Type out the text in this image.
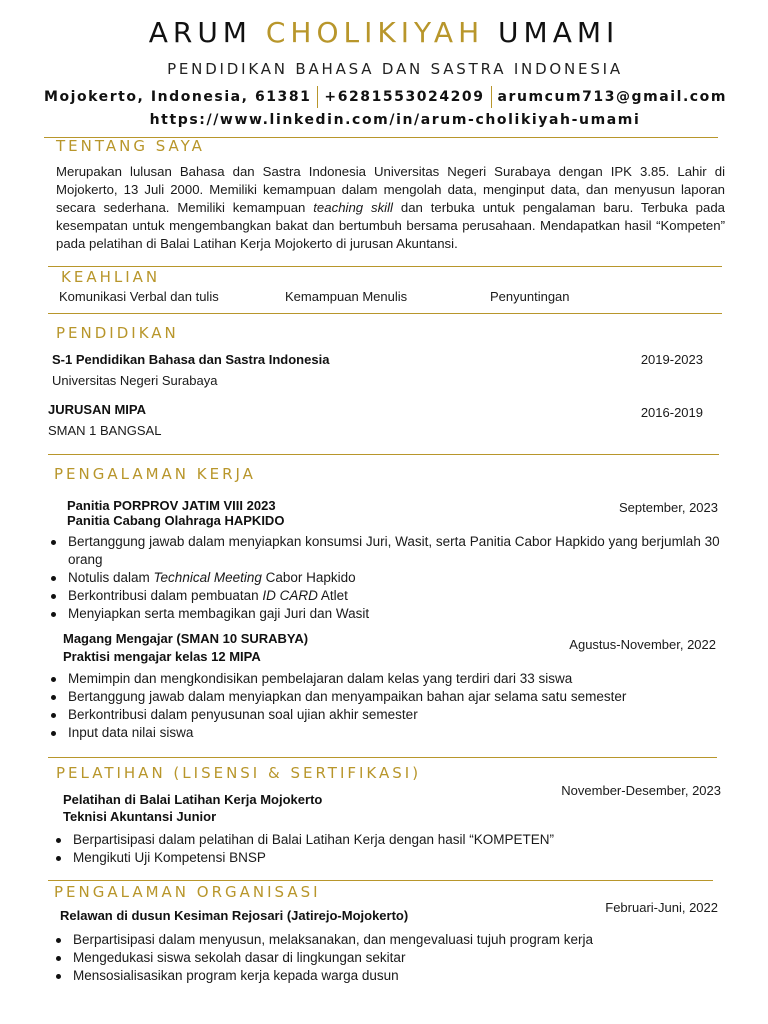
ARUM CHOLIKIYAH UMAMI
PENDIDIKAN BAHASA DAN SASTRA INDONESIA
Mojokerto, Indonesia, 61381 +6281553024209 arumcum713@gmail.com
https://www.linkedin.com/in/arum-cholikiyah-umami
TENTANG SAYA
Merupakan lulusan Bahasa dan Sastra Indonesia Universitas Negeri Surabaya dengan IPK 3.85. Lahir di Mojokerto, 13 Juli 2000. Memiliki kemampuan dalam mengolah data, menginput data, dan menyusun laporan secara sederhana. Memiliki kemampuan teaching skill dan terbuka untuk pengalaman baru. Terbuka pada kesempatan untuk mengembangkan bakat dan bertumbuh bersama perusahaan. Mendapatkan hasil “Kompeten” pada pelatihan di Balai Latihan Kerja Mojokerto di jurusan Akuntansi.
KEAHLIAN
Komunikasi Verbal dan tulis	Kemampuan Menulis	Penyuntingan
PENDIDIKAN
S-1 Pendidikan Bahasa dan Sastra Indonesia
Universitas Negeri Surabaya
2019-2023
JURUSAN MIPA
SMAN 1 BANGSAL
2016-2019
PENGALAMAN KERJA
Panitia PORPROV JATIM VIII 2023
Panitia Cabang Olahraga HAPKIDO
September, 2023
Bertanggung jawab dalam menyiapkan konsumsi Juri, Wasit, serta Panitia Cabor Hapkido yang berjumlah 30 orang
Notulis dalam Technical Meeting Cabor Hapkido
Berkontribusi dalam pembuatan ID CARD Atlet
Menyiapkan serta membagikan gaji Juri dan Wasit
Magang Mengajar (SMAN 10 SURABYA)
Praktisi mengajar kelas 12 MIPA
Agustus-November, 2022
Memimpin dan mengkondisikan pembelajaran dalam kelas yang terdiri dari 33 siswa
Bertanggung jawab dalam menyiapkan dan menyampaikan bahan ajar selama satu semester
Berkontribusi dalam penyusunan soal ujian akhir semester
Input data nilai siswa
PELATIHAN (LISENSI & SERTIFIKASI)
Pelatihan di Balai Latihan Kerja Mojokerto
Teknisi Akuntansi Junior
November-Desember, 2023
Berpartisipasi dalam pelatihan di Balai Latihan Kerja dengan hasil “KOMPETEN”
Mengikuti Uji Kompetensi BNSP
PENGALAMAN ORGANISASI
Relawan di dusun Kesiman Rejosari (Jatirejo-Mojokerto)
Februari-Juni, 2022
Berpartisipasi dalam menyusun, melaksanakan, dan mengevaluasi tujuh program kerja
Mengedukasi siswa sekolah dasar di lingkungan sekitar
Mensosialisasikan program kerja kepada warga dusun
